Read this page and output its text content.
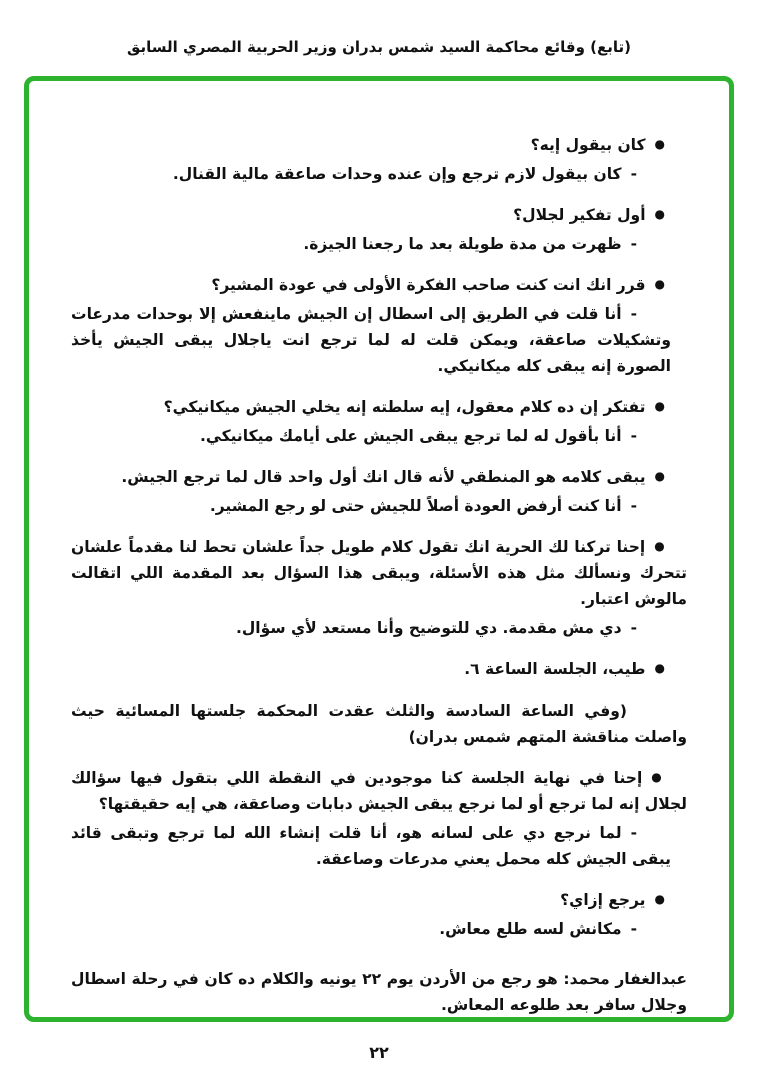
(تابع) وقائع محاكمة السيد شمس بدران وزير الحربية المصري السابق
●كان بيقول إيه؟
-كان بيقول لازم ترجع وإن عنده وحدات صاعقة مالية القنال.
●أول تفكير لجلال؟
-ظهرت من مدة طويلة بعد ما رجعنا الجيزة.
●قرر انك انت كنت صاحب الفكرة الأولى في عودة المشير؟
-أنا قلت في الطريق إلى اسطال إن الجيش ماينفعش إلا بوحدات مدرعات وتشكيلات صاعقة، ويمكن قلت له لما ترجع انت ياجلال يبقى الجيش يأخذ الصورة إنه يبقى كله ميكانيكي.
●تفتكر إن ده كلام معقول، إيه سلطته إنه يخلي الجيش ميكانيكي؟
-أنا بأقول له لما ترجع يبقى الجيش على أيامك ميكانيكي.
●يبقى كلامه هو المنطقي لأنه قال انك أول واحد قال لما ترجع الجيش.
-أنا كنت أرفض العودة أصلاً للجيش حتى لو رجع المشير.
●إحنا تركنا لك الحرية انك تقول كلام طويل جداً علشان تحط لنا مقدماً علشان تتحرك ونسألك مثل هذه الأسئلة، ويبقى هذا السؤال بعد المقدمة اللي اتقالت مالوش اعتبار.
-دي مش مقدمة. دي للتوضيح وأنا مستعد لأي سؤال.
●طيب، الجلسة الساعة ٦.
(وفي الساعة السادسة والثلث عقدت المحكمة جلستها المسائية حيث واصلت مناقشة المتهم شمس بدران)
●إحنا في نهاية الجلسة كنا موجودين في النقطة اللي بتقول فيها سؤالك لجلال إنه لما ترجع أو لما نرجع يبقى الجيش دبابات وصاعقة، هي إيه حقيقتها؟
-لما نرجع دي على لسانه هو، أنا قلت إنشاء الله لما ترجع وتبقى قائد يبقى الجيش كله محمل يعني مدرعات وصاعقة.
●يرجع إزاي؟
-مكانش لسه طلع معاش.
عبدالغفار محمد: هو رجع من الأردن يوم ٢٢ يونيه والكلام ده كان في رحلة اسطال وجلال سافر بعد طلوعه المعاش.
٢٢
